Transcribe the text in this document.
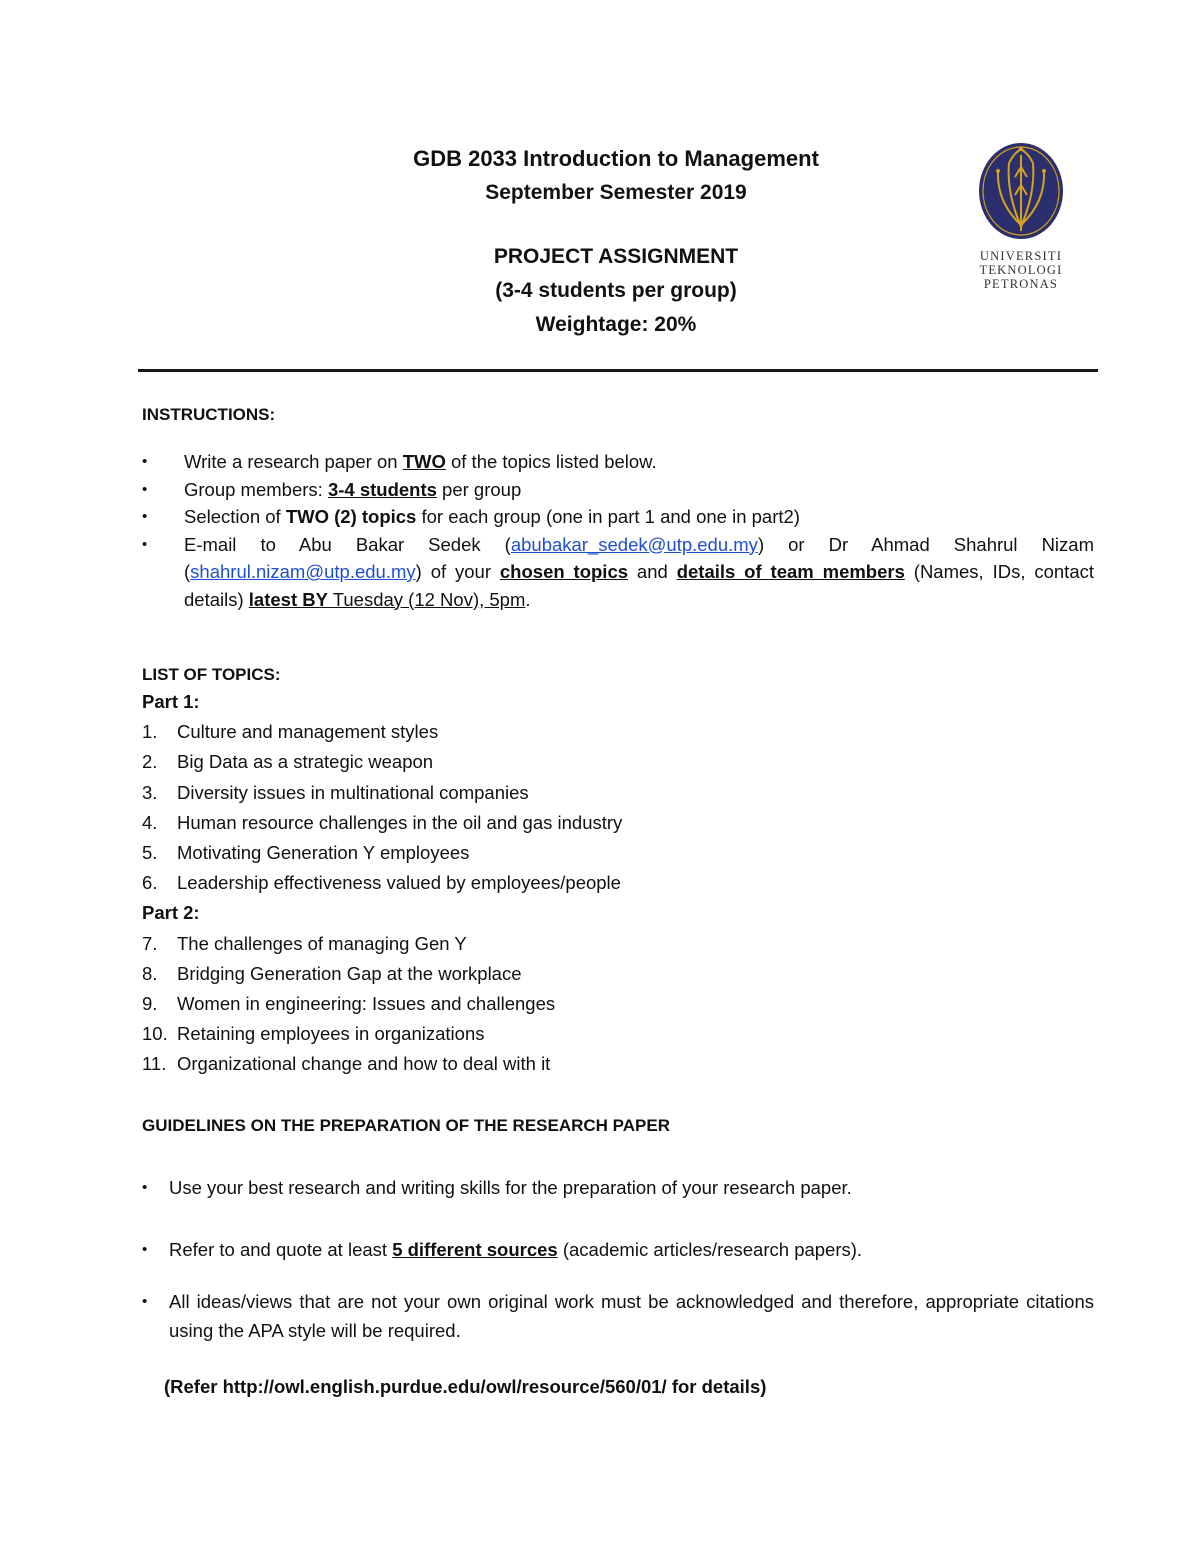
GDB 2033 Introduction to Management
September Semester 2019
PROJECT ASSIGNMENT
(3-4 students per group)
Weightage: 20%
UNIVERSITI
TEKNOLOGI
PETRONAS
INSTRUCTIONS:
• Write a research paper on TWO of the topics listed below.
• Group members: 3-4 students per group
• Selection of TWO (2) topics for each group (one in part 1 and one in part2)
• E-mail to Abu Bakar Sedek (abubakar_sedek@utp.edu.my) or Dr Ahmad Shahrul Nizam (shahrul.nizam@utp.edu.my) of your chosen topics and details of team members (Names, IDs, contact details) latest BY Tuesday (12 Nov), 5pm.
LIST OF TOPICS:
Part 1:
1.	Culture and management styles
2.	Big Data as a strategic weapon
3.	Diversity issues in multinational companies
4.	Human resource challenges in the oil and gas industry
5.	Motivating Generation Y employees
6.	Leadership effectiveness valued by employees/people
Part 2:
7.	The challenges of managing Gen Y
8.	Bridging Generation Gap at the workplace
9.	Women in engineering: Issues and challenges
10. Retaining employees in organizations
11. Organizational change and how to deal with it
GUIDELINES ON THE PREPARATION OF THE RESEARCH PAPER
• Use your best research and writing skills for the preparation of your research paper.
• Refer to and quote at least 5 different sources (academic articles/research papers).
• All ideas/views that are not your own original work must be acknowledged and therefore, appropriate citations using the APA style will be required.
(Refer http://owl.english.purdue.edu/owl/resource/560/01/ for details)
